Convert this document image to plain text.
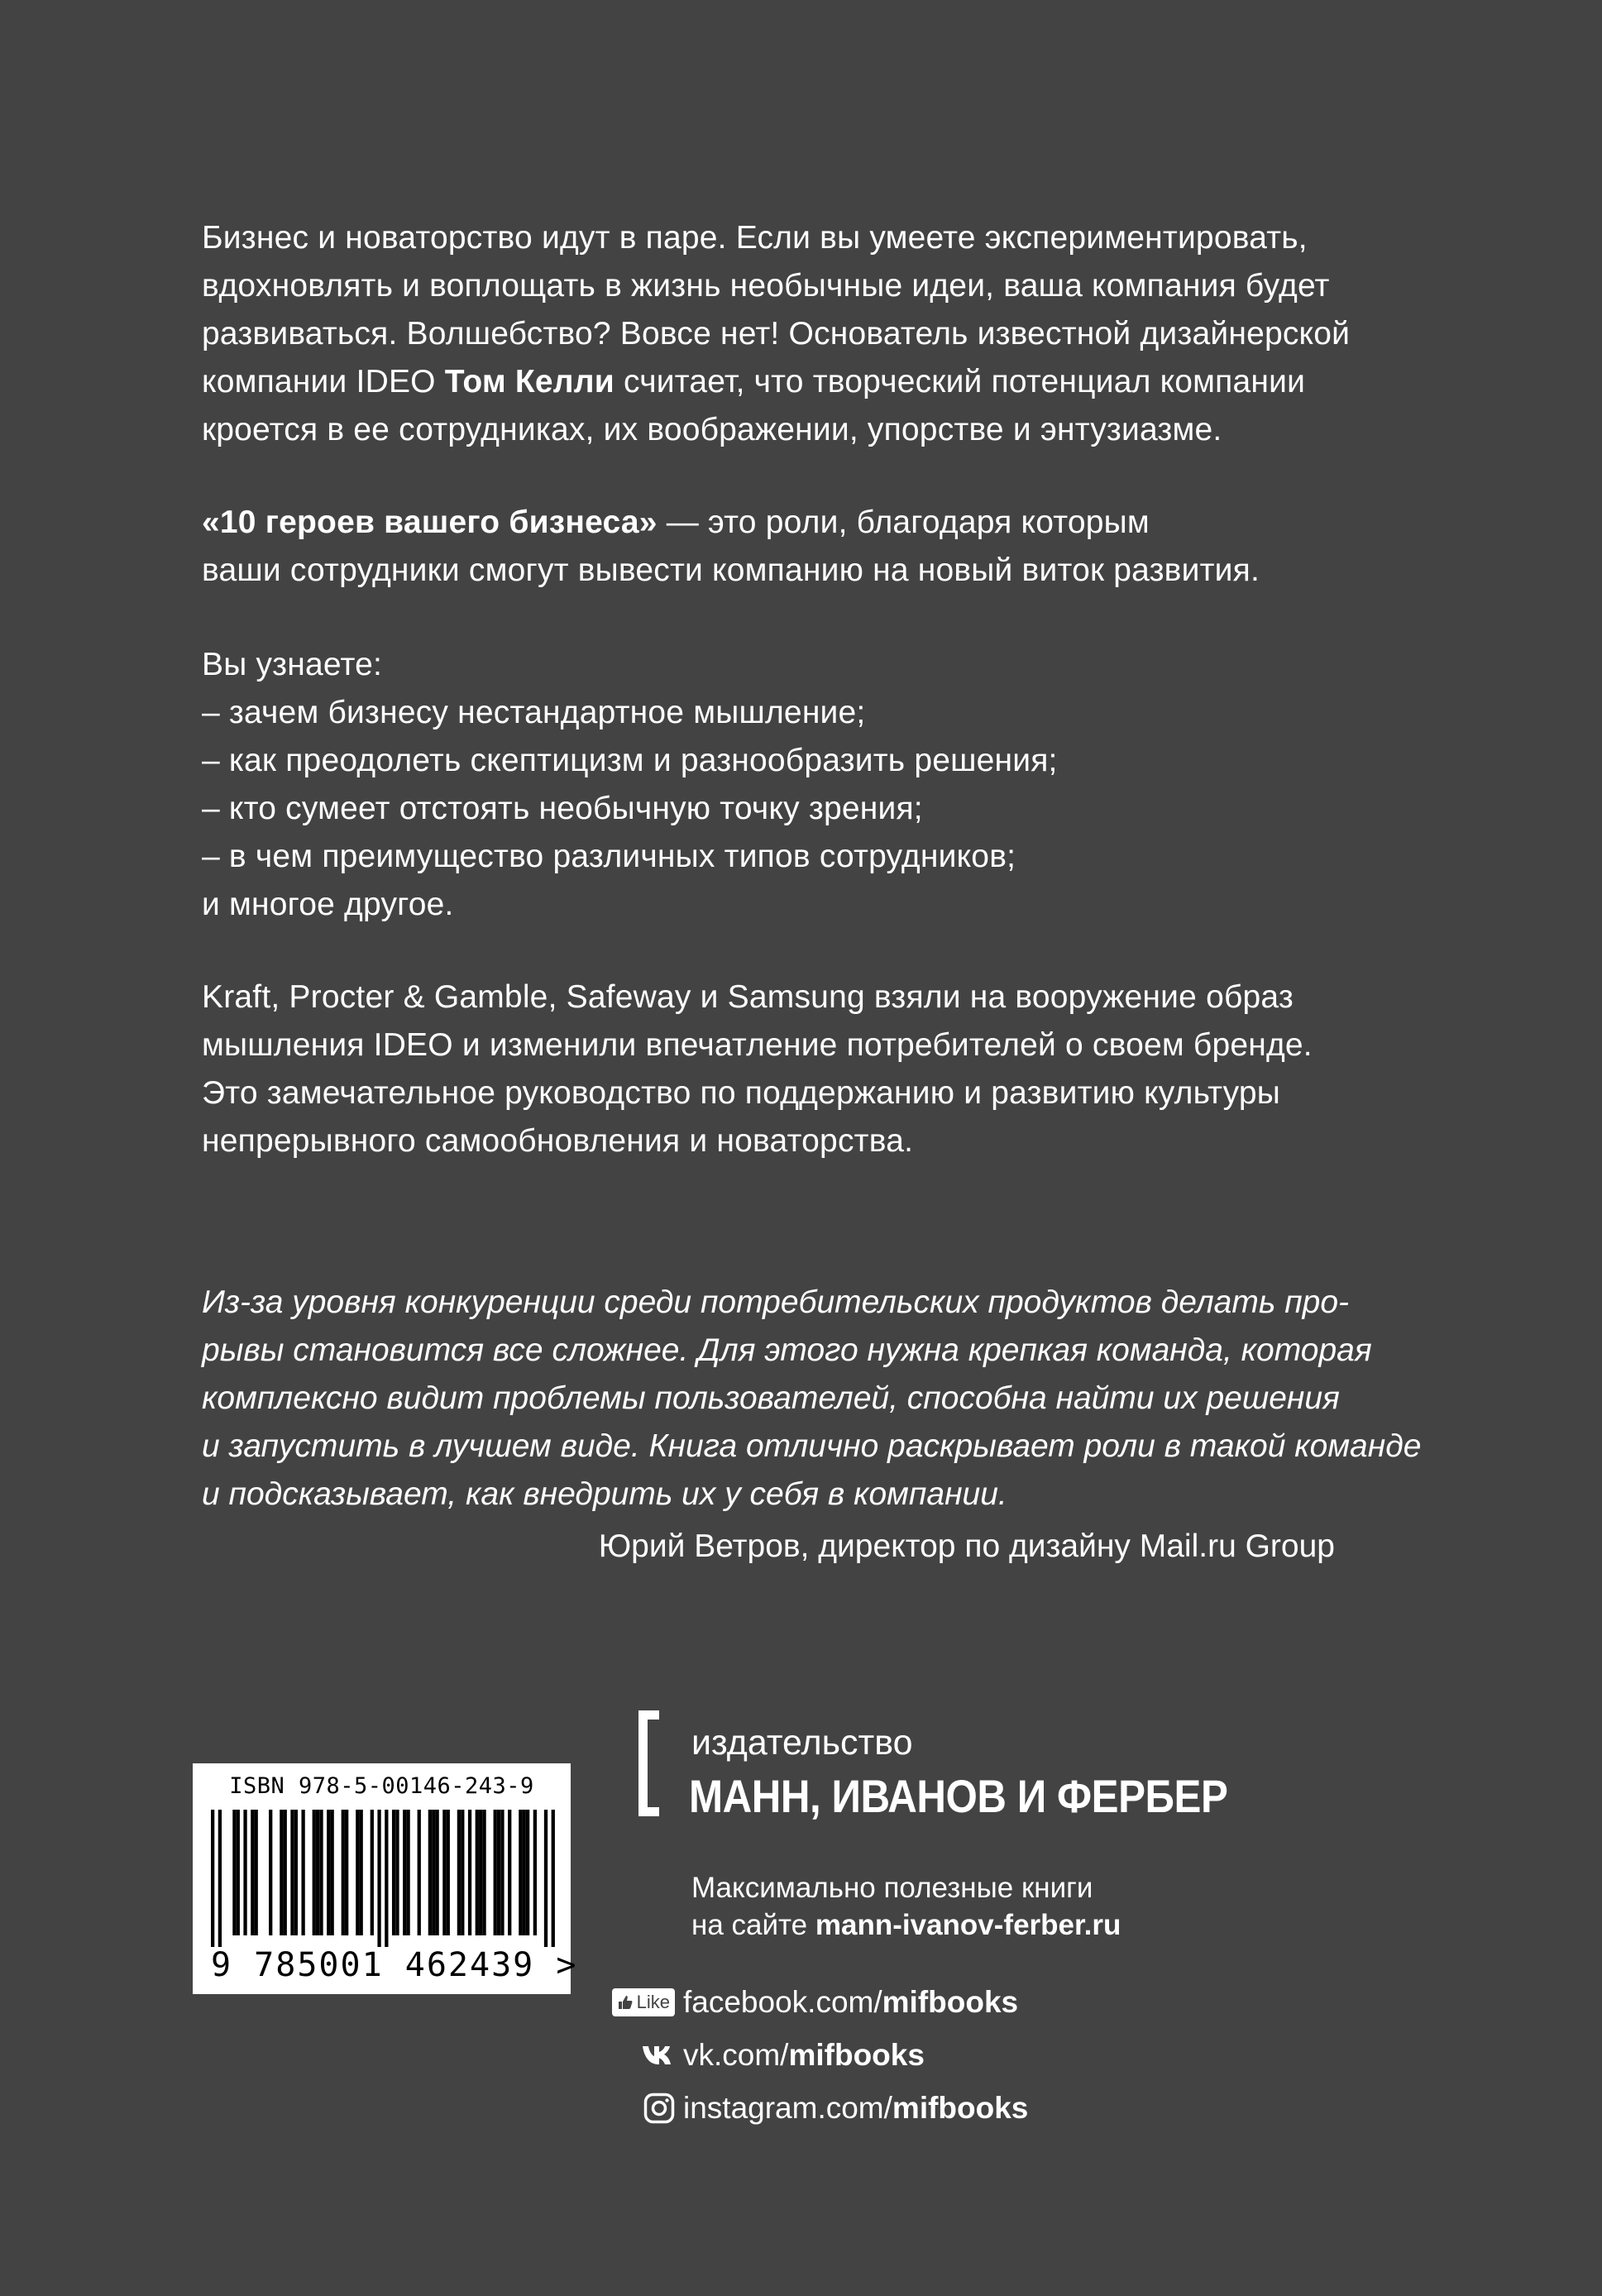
Бизнес и новаторство идут в паре. Если вы умеете экспериментировать,
вдохновлять и воплощать в жизнь необычные идеи, ваша компания будет
развиваться. Волшебство? Вовсе нет! Основатель известной дизайнерской
компании IDEO Том Келли считает, что творческий потенциал компании
кроется в ее сотрудниках, их воображении, упорстве и энтузиазме.
«10 героев вашего бизнеса» — это роли, благодаря которым
ваши сотрудники смогут вывести компанию на новый виток развития.
Вы узнаете:
– зачем бизнесу нестандартное мышление;
– как преодолеть скептицизм и разнообразить решения;
– кто сумеет отстоять необычную точку зрения;
– в чем преимущество различных типов сотрудников;
и многое другое.
Kraft, Procter & Gamble, Safeway и Samsung взяли на вооружение образ
мышления IDEO и изменили впечатление потребителей о своем бренде.
Это замечательное руководство по поддержанию и развитию культуры
непрерывного самообновления и новаторства.
Из-за уровня конкуренции среди потребительских продуктов делать про-
рывы становится все сложнее. Для этого нужна крепкая команда, которая
комплексно видит проблемы пользователей, способна найти их решения
и запустить в лучшем виде. Книга отлично раскрывает роли в такой команде
и подсказывает, как внедрить их у себя в компании.
Юрий Ветров, директор по дизайну Mail.ru Group
ISBN 978-5-00146-243-9
9 785001 462439 >
издательство
МАНН, ИВАНОВ И ФЕРБЕР
Максимально полезные книги
на сайте mann-ivanov-ferber.ru
Like facebook.com/mifbooks
vk.com/mifbooks
instagram.com/mifbooks
